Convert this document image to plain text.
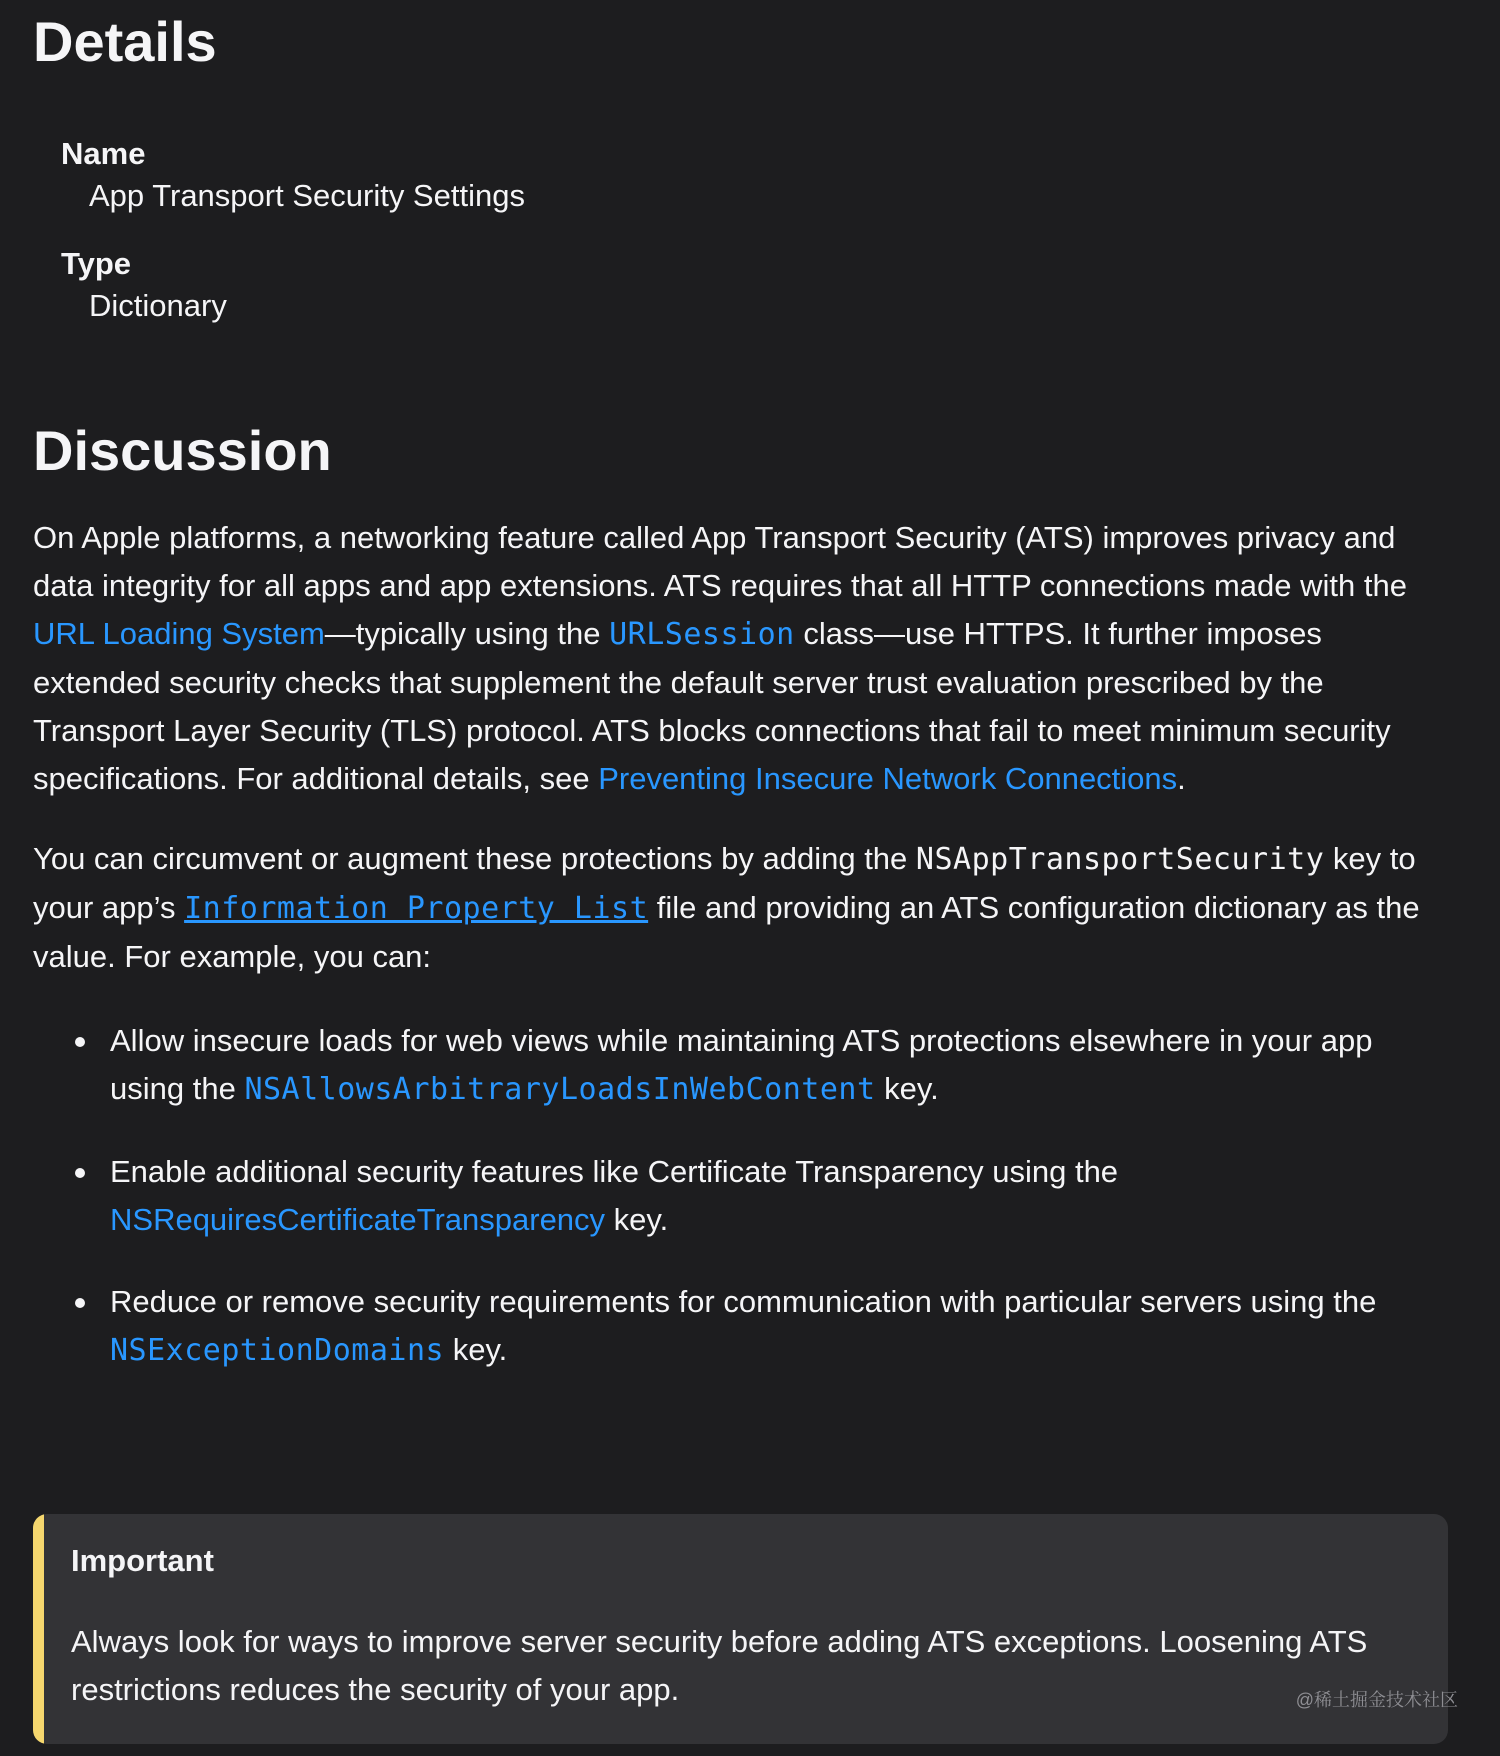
Details
Name
App Transport Security Settings
Type
Dictionary
Discussion

On Apple platforms, a networking feature called App Transport Security (ATS) improves privacy and data integrity for all apps and app extensions. ATS requires that all HTTP connections made with the URL Loading System—typically using the URLSession class—use HTTPS. It further imposes extended security checks that supplement the default server trust evaluation prescribed by the Transport Layer Security (TLS) protocol. ATS blocks connections that fail to meet minimum security specifications. For additional details, see Preventing Insecure Network Connections.

You can circumvent or augment these protections by adding the NSAppTransportSecurity key to your app’s Information Property List file and providing an ATS configuration dictionary as the value. For example, you can:

Allow insecure loads for web views while maintaining ATS protections elsewhere in your app using the NSAllowsArbitraryLoadsInWebContent key.
Enable additional security features like Certificate Transparency using the NSRequiresCertificateTransparency key.
Reduce or remove security requirements for communication with particular servers using the NSExceptionDomains key.
Important
Always look for ways to improve server security before adding ATS exceptions. Loosening ATS restrictions reduces the security of your app.	@稀土掘金技术社区
